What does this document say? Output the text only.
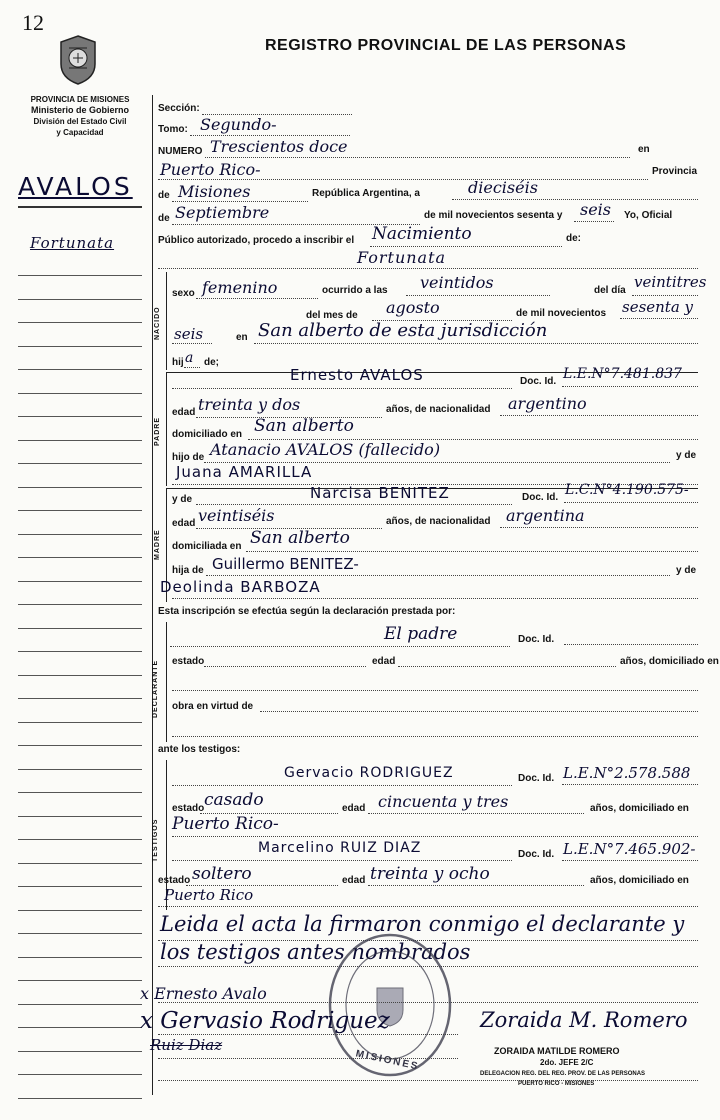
12
REGISTRO PROVINCIAL DE LAS PERSONAS
PROVINCIA DE MISIONES
Ministerio de Gobierno
División del Estado Civil
y Capacidad
AVALOS
Fortunata
Sección:
Tomo: Segundo-
NUMERO Trescientos doce	en
Puerto Rico-	Provincia
de Misiones	República Argentina, a	dieciséis
de Septiembre	de mil novecientos sesenta y seis Yo, Oficial
Público autorizado, procedo a inscribir el Nacimiento	de:
Fortunata
NACIDO
sexo femenino	ocurrido a las veintidos	del día veintitres
del mes de agosto	de mil novecientos sesenta y
seis	en San alberto de esta jurisdicción
hij a de;
PADRE
Ernesto AVALOS	Doc. Id. L.E.N°7.481.837
edad treinta y dos	años, de nacionalidad argentino
domiciliado en San alberto
hijo de Atanacio AVALOS (fallecido)	y de
Juana AMARILLA
MADRE
y de	Narcisa BENITEZ	Doc. Id. L.C.N°4.190.575-
edad veintiséis	años, de nacionalidad argentina
domiciliada en San alberto
hija de Guillermo BENITEZ-	y de
Deolinda BARBOZA
Esta inscripción se efectúa según la declaración prestada por:
DECLARANTE
El padre	Doc. Id.
estado	edad	años, domiciliado en
obra en virtud de
ante los testigos:
TESTIGOS
Gervacio RODRIGUEZ	Doc. Id. L.E.N°2.578.588
estado casado	edad cincuenta y tres	años, domiciliado en
Puerto Rico-
Marcelino RUIZ DIAZ	Doc. Id. L.E.N°7.465.902-
estado soltero	edad treinta y ocho	años, domiciliado en
Puerto Rico
Leida el acta la firmaron conmigo el declarante y
los testigos antes nombrados
MISIONES
x Ernesto Avalo
x Gervasio Rodriguez
Ruiz Diaz
Zoraida M. Romero
ZORAIDA MATILDE ROMERO
2do. JEFE 2/C
DELEGACION REG. DEL REG. PROV. DE LAS PERSONAS
PUERTO RICO - MISIONES
